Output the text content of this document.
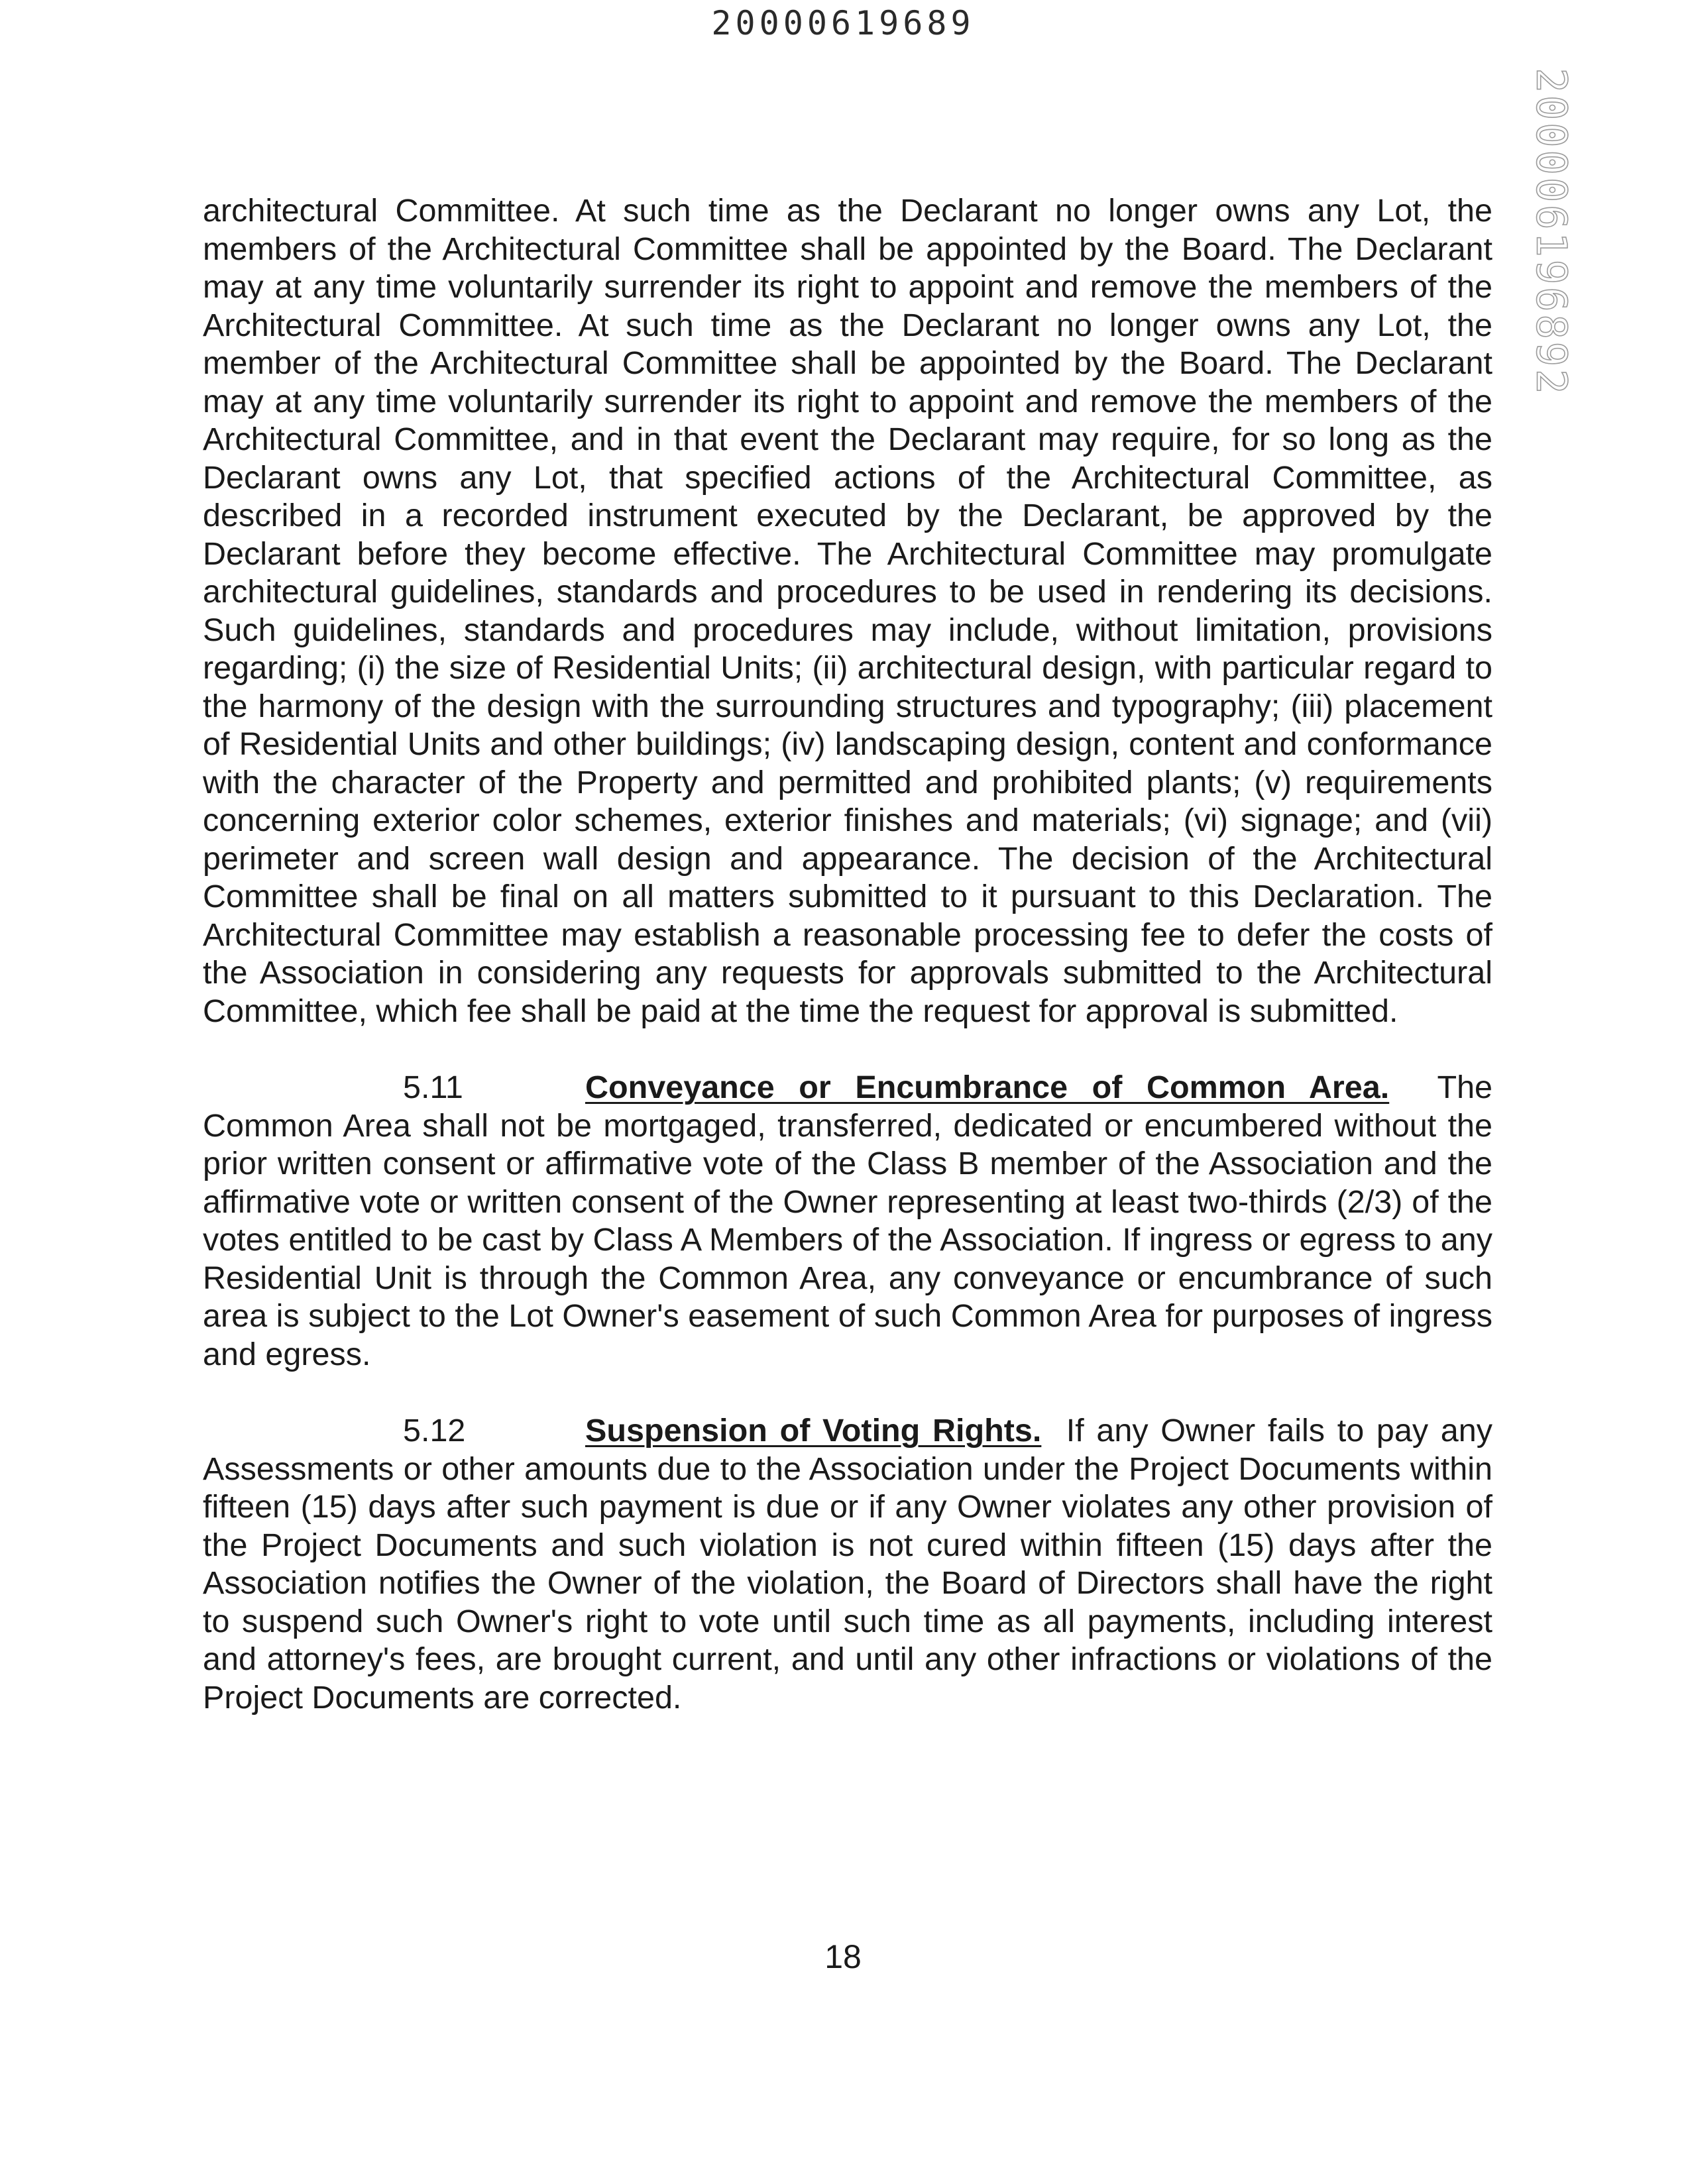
20000619689
200006196892

architectural Committee. At such time as the Declarant no longer owns any Lot, the members of the Architectural Committee shall be appointed by the Board. The Declarant may at any time voluntarily surrender its right to appoint and remove the members of the Architectural Committee. At such time as the Declarant no longer owns any Lot, the member of the Architectural Committee shall be appointed by the Board. The Declarant may at any time voluntarily surrender its right to appoint and remove the members of the Architectural Committee, and in that event the Declarant may require, for so long as the Declarant owns any Lot, that specified actions of the Architectural Committee, as described in a recorded instrument executed by the Declarant, be approved by the Declarant before they become effective. The Architectural Committee may promulgate architectural guidelines, standards and procedures to be used in rendering its decisions. Such guidelines, standards and procedures may include, without limitation, provisions regarding; (i) the size of Residential Units; (ii) architectural design, with particular regard to the harmony of the design with the surrounding structures and typography; (iii) placement of Residential Units and other buildings; (iv) landscaping design, content and conformance with the character of the Property and permitted and prohibited plants; (v) requirements concerning exterior color schemes, exterior finishes and materials; (vi) signage; and (vii) perimeter and screen wall design and appearance. The decision of the Architectural Committee shall be final on all matters submitted to it pursuant to this Declaration. The Architectural Committee may establish a reasonable processing fee to defer the costs of the Association in considering any requests for approvals submitted to the Architectural Committee, which fee shall be paid at the time the request for approval is submitted.

5.11	Conveyance or Encumbrance of Common Area. The Common Area shall not be mortgaged, transferred, dedicated or encumbered without the prior written consent or affirmative vote of the Class B member of the Association and the affirmative vote or written consent of the Owner representing at least two-thirds (2/3) of the votes entitled to be cast by Class A Members of the Association. If ingress or egress to any Residential Unit is through the Common Area, any conveyance or encumbrance of such area is subject to the Lot Owner's easement of such Common Area for purposes of ingress and egress.

5.12	Suspension of Voting Rights. If any Owner fails to pay any Assessments or other amounts due to the Association under the Project Documents within fifteen (15) days after such payment is due or if any Owner violates any other provision of the Project Documents and such violation is not cured within fifteen (15) days after the Association notifies the Owner of the violation, the Board of Directors shall have the right to suspend such Owner's right to vote until such time as all payments, including interest and attorney's fees, are brought current, and until any other infractions or violations of the Project Documents are corrected.

18
